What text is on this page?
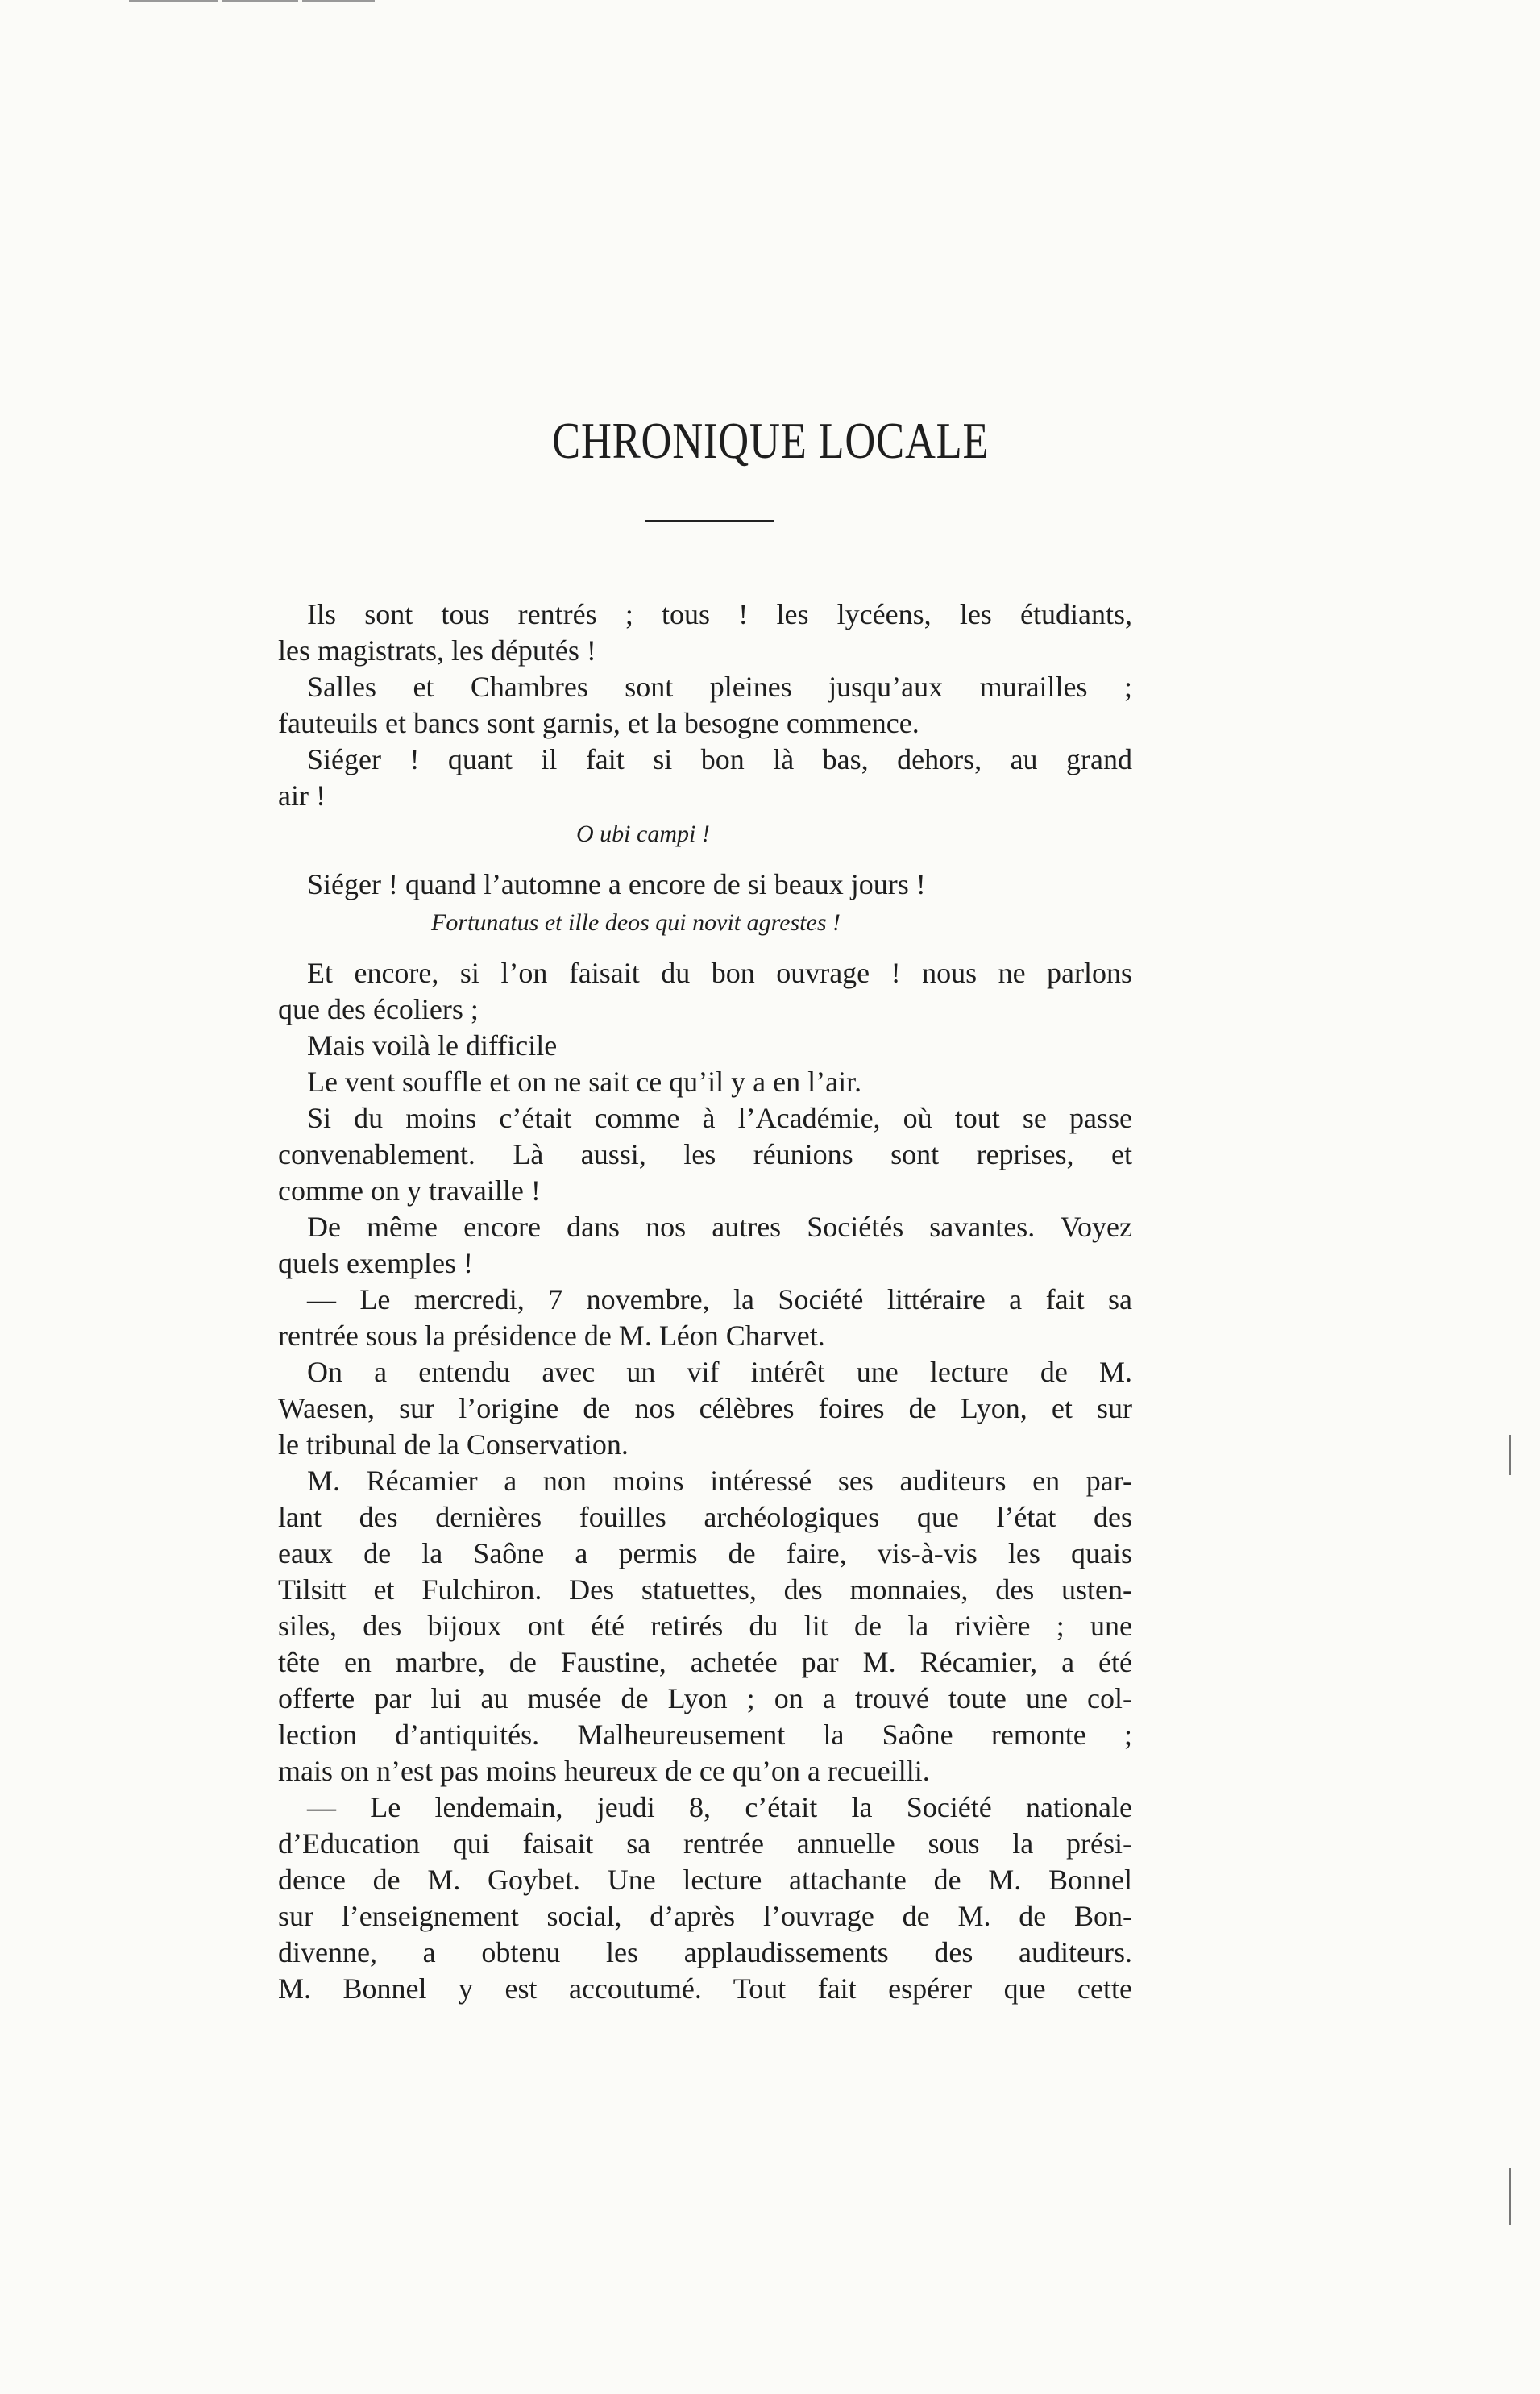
CHRONIQUE LOCALE
Ils sont tous rentrés ; tous ! les lycéens, les étudiants,
les magistrats, les députés !
Salles et Chambres sont pleines jusqu’aux murailles ;
fauteuils et bancs sont garnis, et la besogne commence.
Siéger ! quant il fait si bon là bas, dehors, au grand
air !
O ubi campi !
Siéger ! quand l’automne a encore de si beaux jours !
Fortunatus et ille deos qui novit agrestes !
Et encore, si l’on faisait du bon ouvrage ! nous ne parlons
que des écoliers ;
Mais voilà le difficile
Le vent souffle et on ne sait ce qu’il y a en l’air.
Si du moins c’était comme à l’Académie, où tout se passe
convenablement. Là aussi, les réunions sont reprises, et
comme on y travaille !
De même encore dans nos autres Sociétés savantes. Voyez
quels exemples !
— Le mercredi, 7 novembre, la Société littéraire a fait sa
rentrée sous la présidence de M. Léon Charvet.
On a entendu avec un vif intérêt une lecture de M.
Waesen, sur l’origine de nos célèbres foires de Lyon, et sur
le tribunal de la Conservation.
M. Récamier a non moins intéressé ses auditeurs en par-
lant des dernières fouilles archéologiques que l’état des
eaux de la Saône a permis de faire, vis-à-vis les quais
Tilsitt et Fulchiron. Des statuettes, des monnaies, des usten-
siles, des bijoux ont été retirés du lit de la rivière ; une
tête en marbre, de Faustine, achetée par M. Récamier, a été
offerte par lui au musée de Lyon ; on a trouvé toute une col-
lection d’antiquités. Malheureusement la Saône remonte ;
mais on n’est pas moins heureux de ce qu’on a recueilli.
— Le lendemain, jeudi 8, c’était la Société nationale
d’Education qui faisait sa rentrée annuelle sous la prési-
dence de M. Goybet. Une lecture attachante de M. Bonnel
sur l’enseignement social, d’après l’ouvrage de M. de Bon-
divenne, a obtenu les applaudissements des auditeurs.
M. Bonnel y est accoutumé. Tout fait espérer que cette
